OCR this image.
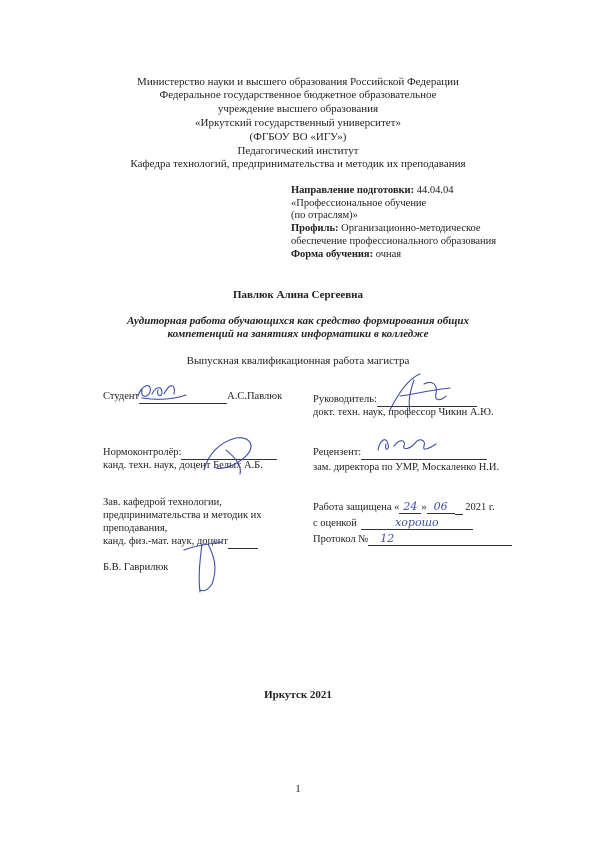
Министерство науки и высшего образования Российской Федерации
Федеральное государственное бюджетное образовательное
учреждение высшего образования
«Иркутский государственный университет»
(ФГБОУ ВО «ИГУ»)
Педагогический институт
Кафедра технологий, предпринимательства и методик их преподавания
Направление подготовки: 44.04.04
«Профессиональное обучение
(по отраслям)»
Профиль: Организационно-методическое
обеспечение профессионального образования
Форма обучения: очная
Павлюк Алина Сергеевна
Аудиторная работа обучающихся как средство формирования общих
компетенций на занятиях информатики в колледже
Выпускная квалификационная работа магистра
Студент	А.С.Павлюк	Руководитель:
докт. техн. наук, профессор Чикин А.Ю.
Нормоконтролёр:
канд. техн. наук, доцент Белых А.Б.
Рецензент:
зам. директора по УМР, Москаленко Н.И.
Зав. кафедрой технологии,
предпринимательства и методик их
преподавания,
канд. физ.-мат. наук, доцент
Б.В. Гаврилюк
Работа защищена « 24 » 06 2021 г.
с оценкой	хорошо
Протокол № 12
Иркутск 2021
1
